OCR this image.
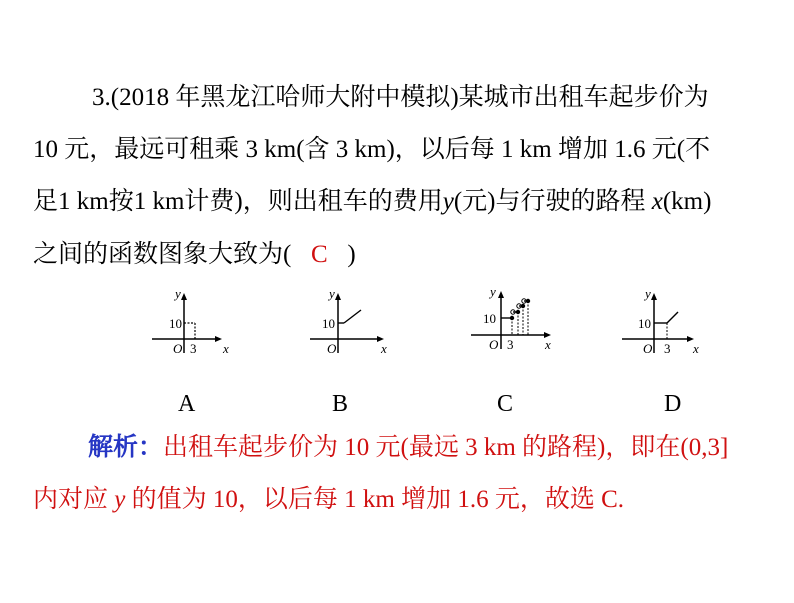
3.(2018 年黑龙江哈师大附中模拟)某城市出租车起步价为
10 元，最远可租乘 3 km(含 3 km)，以后每 1 km 增加 1.6 元(不
足1 km按1 km计费)，则出租车的费用y(元)与行驶的路程 x(km)
之间的函数图象大致为( C )
y
x
O
10
3
y
x
O
10
y
x
O
10
3
y
x
O
10
3
A	B	C	D
解析：出租车起步价为 10 元(最远 3 km 的路程)，即在(0,3]
内对应 y 的值为 10，以后每 1 km 增加 1.6 元，故选 C.
